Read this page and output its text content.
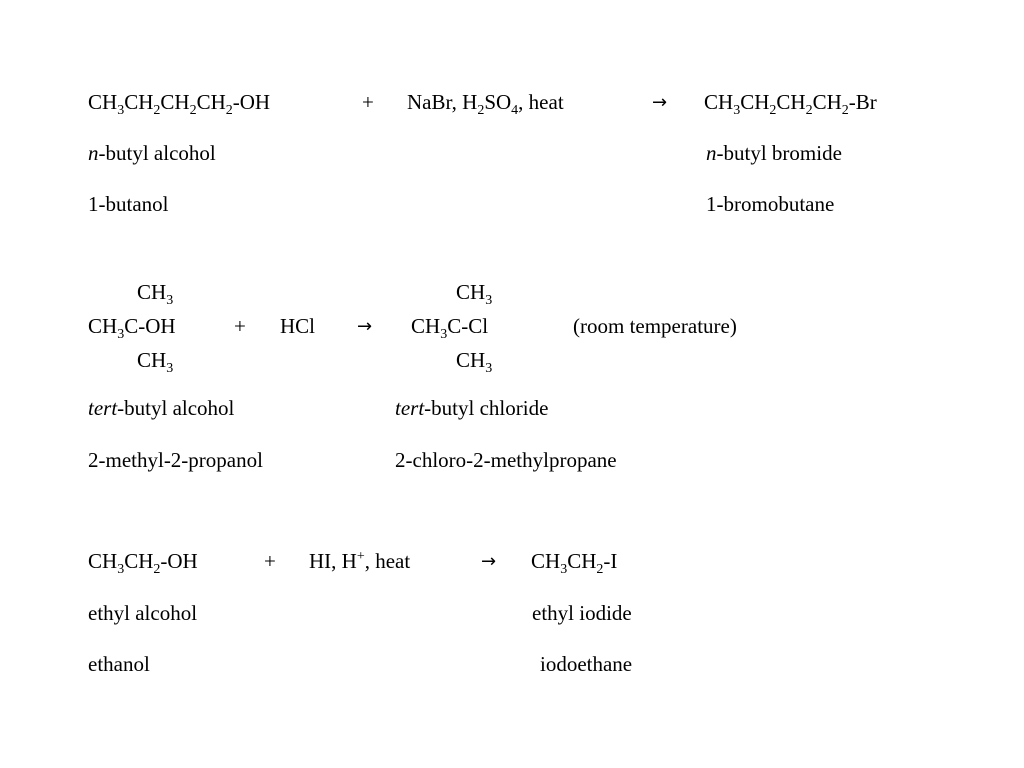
$CH_3CH_2CH_2CH_2-OH$	+ NaBr, $H_2SO_4$, heat	→ $CH_3CH_2CH_2CH_2-Br$
n-butyl alcohol	n-butyl bromide
1-butanol	1-bromobutane
$CH_3$
$CH_3C-OH$
$CH_3$
+ HCl →
$CH_3$
$CH_3C-Cl$
$CH_3$
(room temperature)
tert-butyl alcohol	tert-butyl chloride
2-methyl-2-propanol	2-chloro-2-methylpropane
$CH_3CH_2-OH$	+ HI, H+, heat	→ $CH_3CH_2-I$
ethyl alcohol	ethyl iodide
ethanol	iodoethane
